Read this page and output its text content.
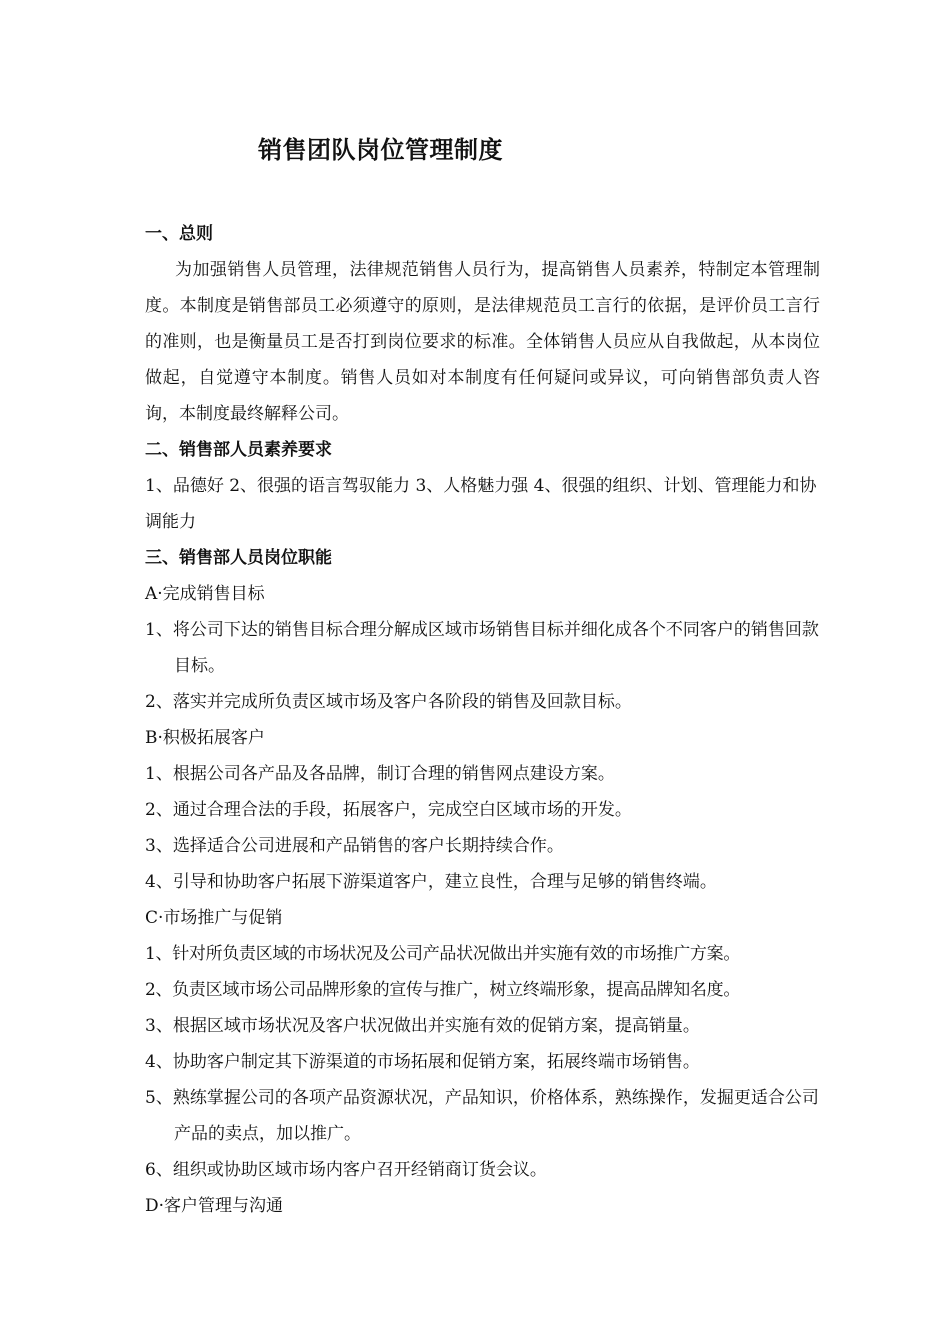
销售团队岗位管理制度

一、总则

为加强销售人员管理，法律规范销售人员行为，提高销售人员素养，特制定本管理制度。本制度是销售部员工必须遵守的原则，是法律规范员工言行的依据，是评价员工言行的准则，也是衡量员工是否打到岗位要求的标准。全体销售人员应从自我做起，从本岗位做起，自觉遵守本制度。销售人员如对本制度有任何疑问或异议，可向销售部负责人咨询，本制度最终解释公司。

二、销售部人员素养要求

1、品德好 2、很强的语言驾驭能力 3、人格魅力强 4、很强的组织、计划、管理能力和协调能力

三、销售部人员岗位职能

A·完成销售目标

1、将公司下达的销售目标合理分解成区域市场销售目标并细化成各个不同客户的销售回款目标。

2、落实并完成所负责区域市场及客户各阶段的销售及回款目标。

B·积极拓展客户

1、根据公司各产品及各品牌，制订合理的销售网点建设方案。

2、通过合理合法的手段，拓展客户，完成空白区域市场的开发。

3、选择适合公司进展和产品销售的客户长期持续合作。

4、引导和协助客户拓展下游渠道客户，建立良性，合理与足够的销售终端。

C·市场推广与促销

1、针对所负责区域的市场状况及公司产品状况做出并实施有效的市场推广方案。

2、负责区域市场公司品牌形象的宣传与推广，树立终端形象，提高品牌知名度。

3、根据区域市场状况及客户状况做出并实施有效的促销方案，提高销量。

4、协助客户制定其下游渠道的市场拓展和促销方案，拓展终端市场销售。

5、熟练掌握公司的各项产品资源状况，产品知识，价格体系，熟练操作，发掘更适合公司产品的卖点，加以推广。

6、组织或协助区域市场内客户召开经销商订货会议。

D·客户管理与沟通
